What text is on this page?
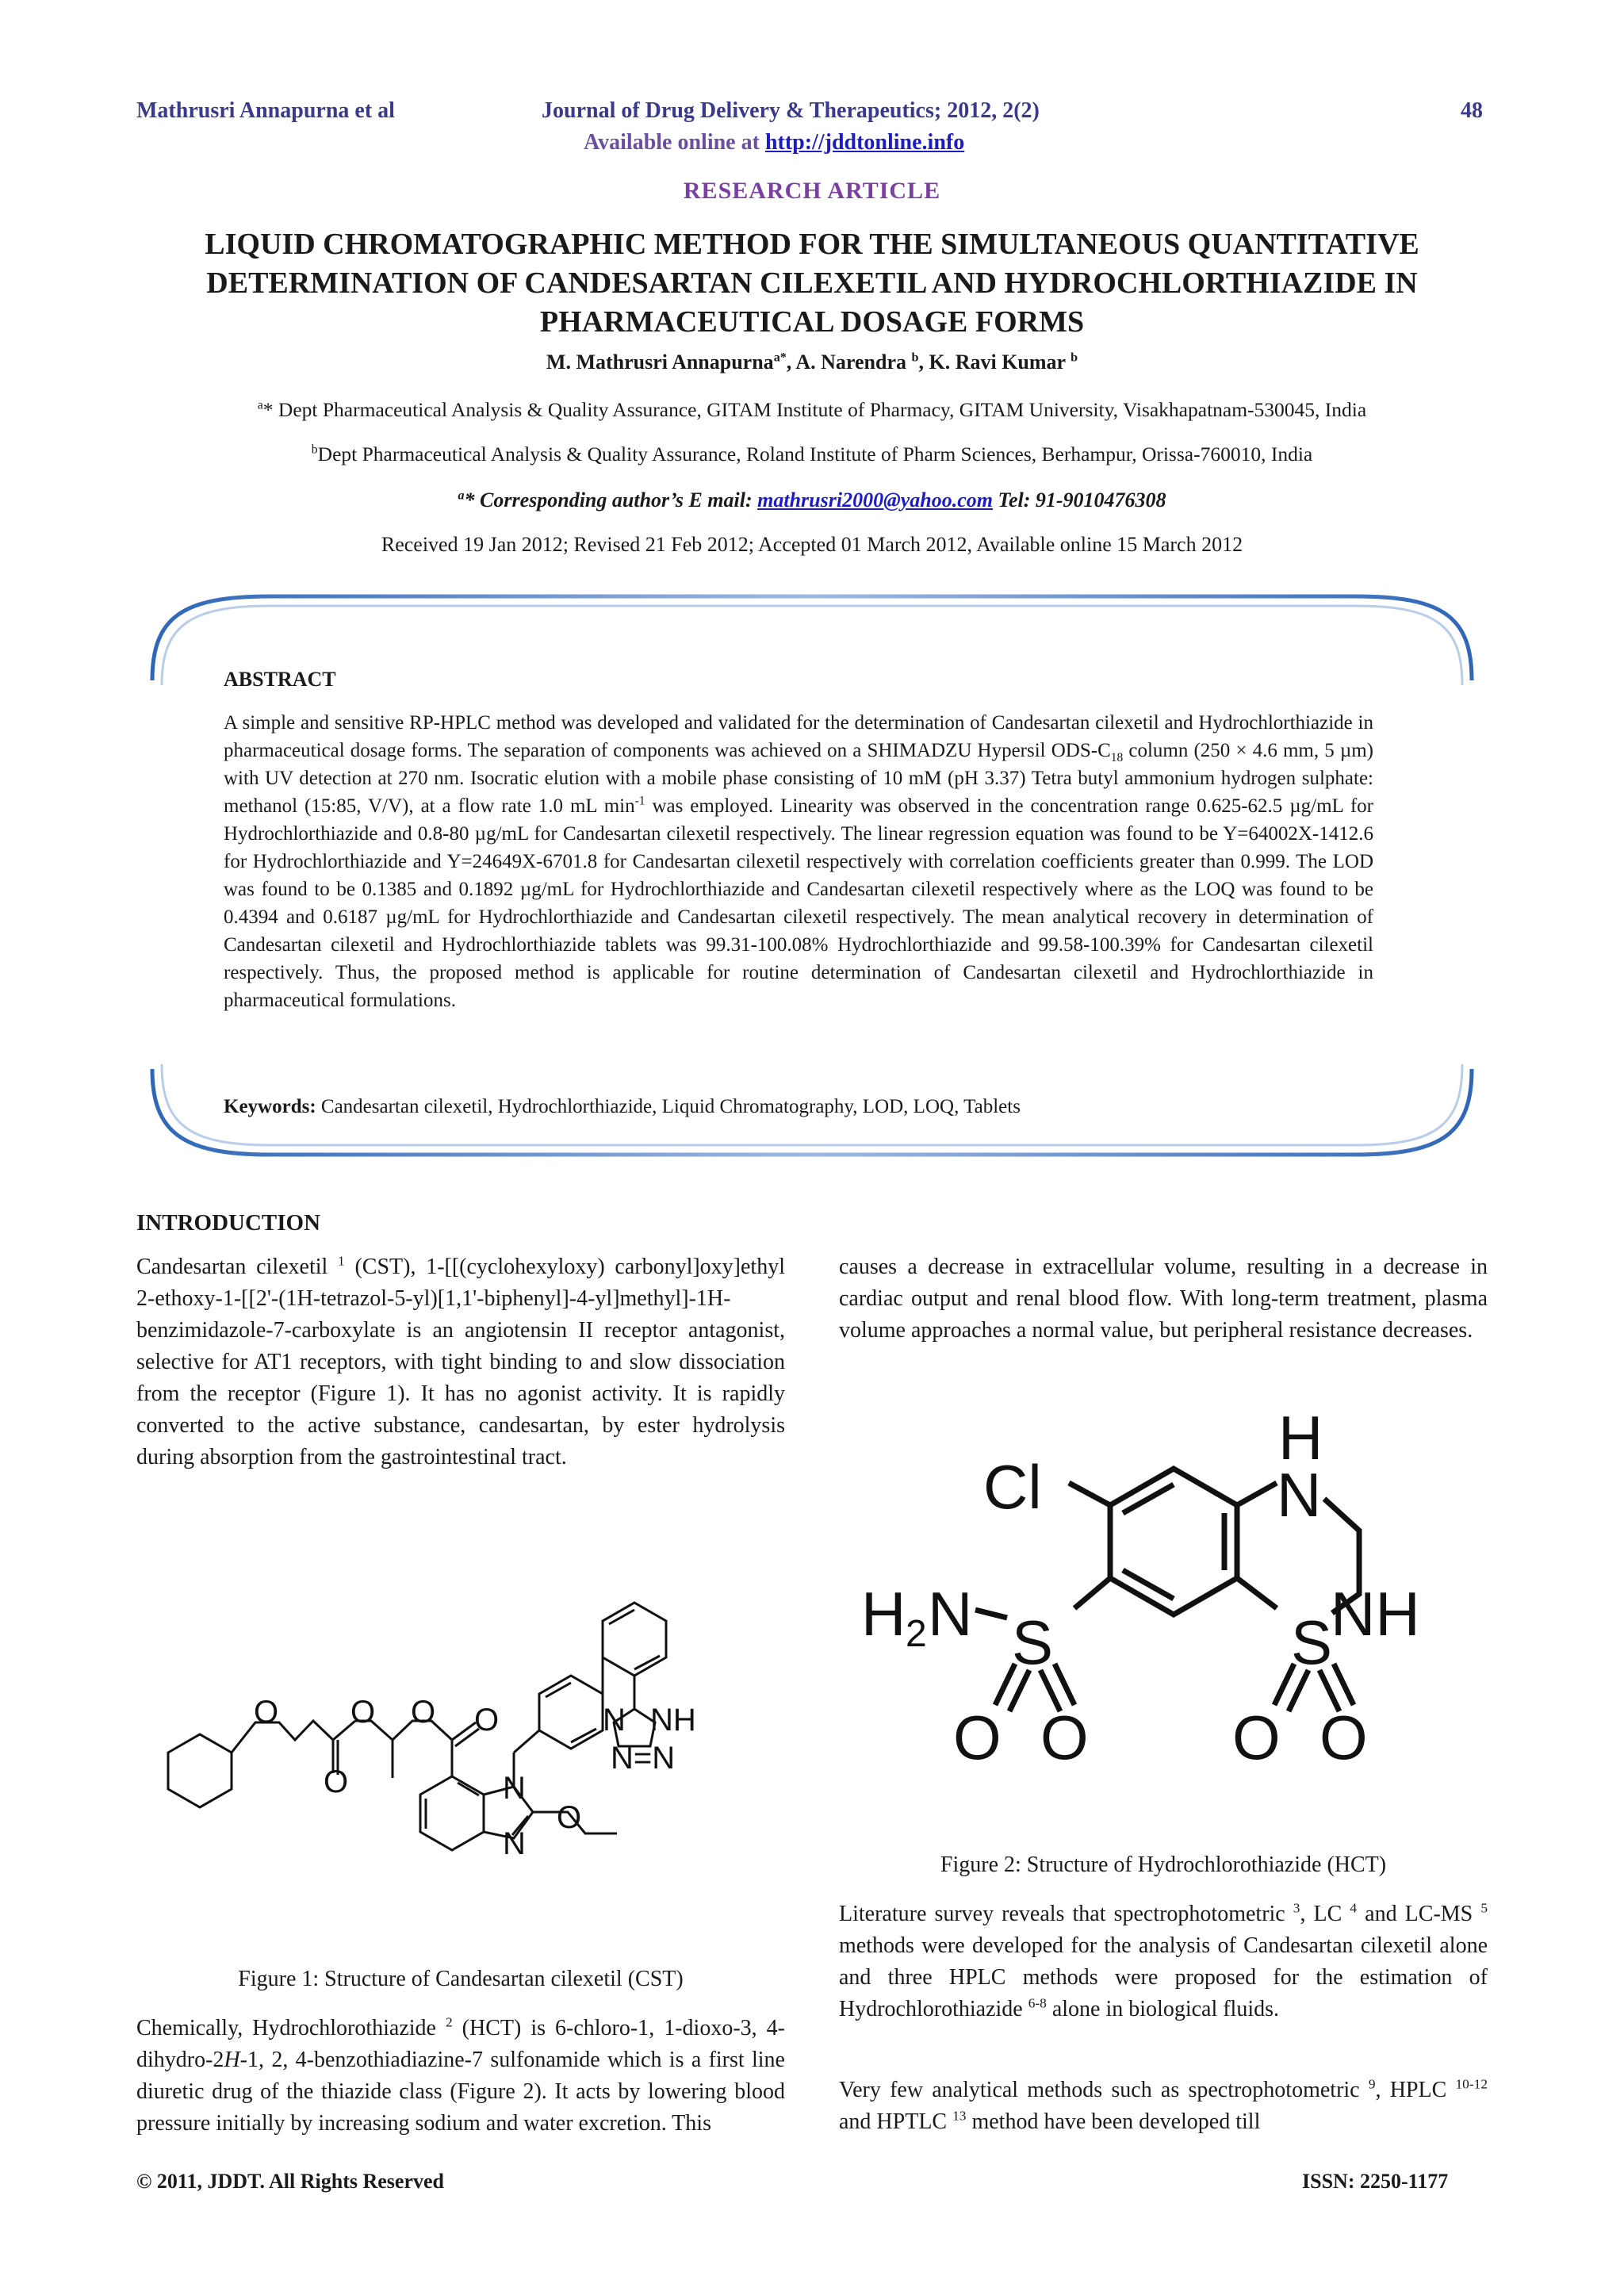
Mathrusri Annapurna et al	Journal of Drug Delivery & Therapeutics; 2012, 2(2)	48
Available online at http://jddtonline.info
RESEARCH ARTICLE
LIQUID CHROMATOGRAPHIC METHOD FOR THE SIMULTANEOUS QUANTITATIVE
DETERMINATION OF CANDESARTAN CILEXETIL AND HYDROCHLORTHIAZIDE IN
PHARMACEUTICAL DOSAGE FORMS
M. Mathrusri Annapurna$^{a*}$, A. Narendra $^b$, K. Ravi Kumar $^b$
$^a$* Dept Pharmaceutical Analysis & Quality Assurance, GITAM Institute of Pharmacy, GITAM University, Visakhapatnam-530045, India
$^b$Dept Pharmaceutical Analysis & Quality Assurance, Roland Institute of Pharm Sciences, Berhampur, Orissa-760010, India
$^a$* Corresponding author’s E mail: mathrusri2000@yahoo.com Tel: 91-9010476308
Received 19 Jan 2012; Revised 21 Feb 2012; Accepted 01 March 2012, Available online 15 March 2012
ABSTRACT
A simple and sensitive RP-HPLC method was developed and validated for the determination of Candesartan cilexetil and Hydrochlorthiazide in pharmaceutical dosage forms. The separation of components was achieved on a SHIMADZU Hypersil ODS-$C_{18}$ column (250 × 4.6 mm, 5 µm) with UV detection at 270 nm. Isocratic elution with a mobile phase consisting of 10 mM (pH 3.37) Tetra butyl ammonium hydrogen sulphate: methanol (15:85, V/V), at a flow rate 1.0 mL $\min^{-1}$ was employed. Linearity was observed in the concentration range 0.625-62.5 µg/mL for Hydrochlorthiazide and 0.8-80 µg/mL for Candesartan cilexetil respectively. The linear regression equation was found to be Y=64002X-1412.6 for Hydrochlorthiazide and Y=24649X-6701.8 for Candesartan cilexetil respectively with correlation coefficients greater than 0.999. The LOD was found to be 0.1385 and 0.1892 µg/mL for Hydrochlorthiazide and Candesartan cilexetil respectively where as the LOQ was found to be 0.4394 and 0.6187 µg/mL for Hydrochlorthiazide and Candesartan cilexetil respectively. The mean analytical recovery in determination of Candesartan cilexetil and Hydrochlorthiazide tablets was 99.31-100.08% Hydrochlorthiazide and 99.58-100.39% for Candesartan cilexetil respectively. Thus, the proposed method is applicable for routine determination of Candesartan cilexetil and Hydrochlorthiazide in pharmaceutical formulations.
Keywords: Candesartan cilexetil, Hydrochlorthiazide, Liquid Chromatography, LOD, LOQ, Tablets
INTRODUCTION
Candesartan cilexetil $^1$ (CST), 1-[[(cyclohexyloxy) carbonyl]oxy]ethyl 2-ethoxy-1-[[2'-(1H-tetrazol-5-yl)[1,1'-biphenyl]-4-yl]methyl]-1H-benzimidazole-7-carboxylate is an angiotensin II receptor antagonist, selective for AT1 receptors, with tight binding to and slow dissociation from the receptor (Figure 1). It has no agonist activity. It is rapidly converted to the active substance, candesartan, by ester hydrolysis during absorption from the gastrointestinal tract.
O
O
O O O
N
N
O
N NH
N=N
Figure 1: Structure of Candesartan cilexetil (CST)
Chemically, Hydrochlorothiazide $^2$ (HCT) is 6-chloro-1, 1-dioxo-3, 4-dihydro-2H-1, 2, 4-benzothiadiazine-7 sulfonamide which is a first line diuretic drug of the thiazide class (Figure 2). It acts by lowering blood pressure initially by increasing sodium and water excretion. This
causes a decrease in extracellular volume, resulting in a decrease in cardiac output and renal blood flow. With long-term treatment, plasma volume approaches a normal value, but peripheral resistance decreases.
H
N
Cl
H 2 N	NH
S	S
O O O O
Figure 2: Structure of Hydrochlorothiazide (HCT)
Literature survey reveals that spectrophotometric $^3$, LC $^4$ and LC-MS $^5$ methods were developed for the analysis of Candesartan cilexetil alone and three HPLC methods were proposed for the estimation of Hydrochlorothiazide $^{6-8}$ alone in biological fluids.
Very few analytical methods such as spectrophotometric $^9$, HPLC $^{10-12}$ and HPTLC $^{13}$ method have been developed till
© 2011, JDDT. All Rights Reserved	ISSN: 2250-1177
